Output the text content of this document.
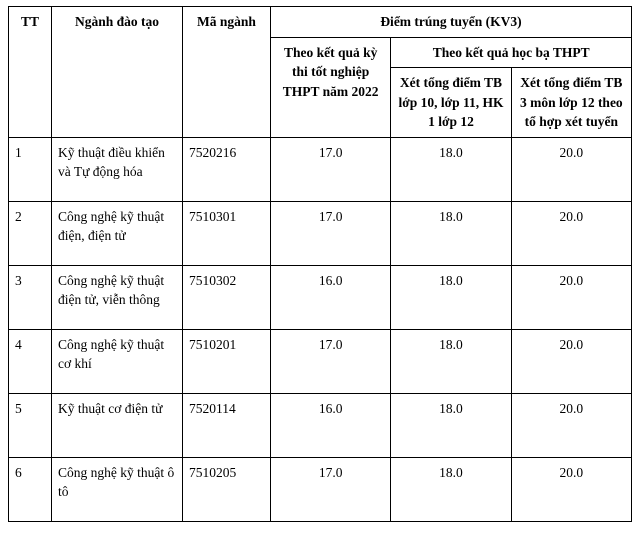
TT	Ngành đào tạo	Mã ngành	Điểm trúng tuyển (KV3)		
			Theo kết quả kỳ thi tốt nghiệp THPT năm 2022	Theo kết quả học bạ THPT	
				Xét tổng điểm TB lớp 10, lớp 11, HK 1 lớp 12	Xét tổng điểm TB 3 môn lớp 12 theo tổ hợp xét tuyển
1	Kỹ thuật điều khiển và Tự động hóa	7520216	17.0	18.0	20.0
2	Công nghệ kỹ thuật điện, điện tử	7510301	17.0	18.0	20.0
3	Công nghệ kỹ thuật điện tử, viễn thông	7510302	16.0	18.0	20.0
4	Công nghệ kỹ thuật cơ khí	7510201	17.0	18.0	20.0
5	Kỹ thuật cơ điện tử	7520114	16.0	18.0	20.0
6	Công nghệ kỹ thuật ô tô	7510205	17.0	18.0	20.0
